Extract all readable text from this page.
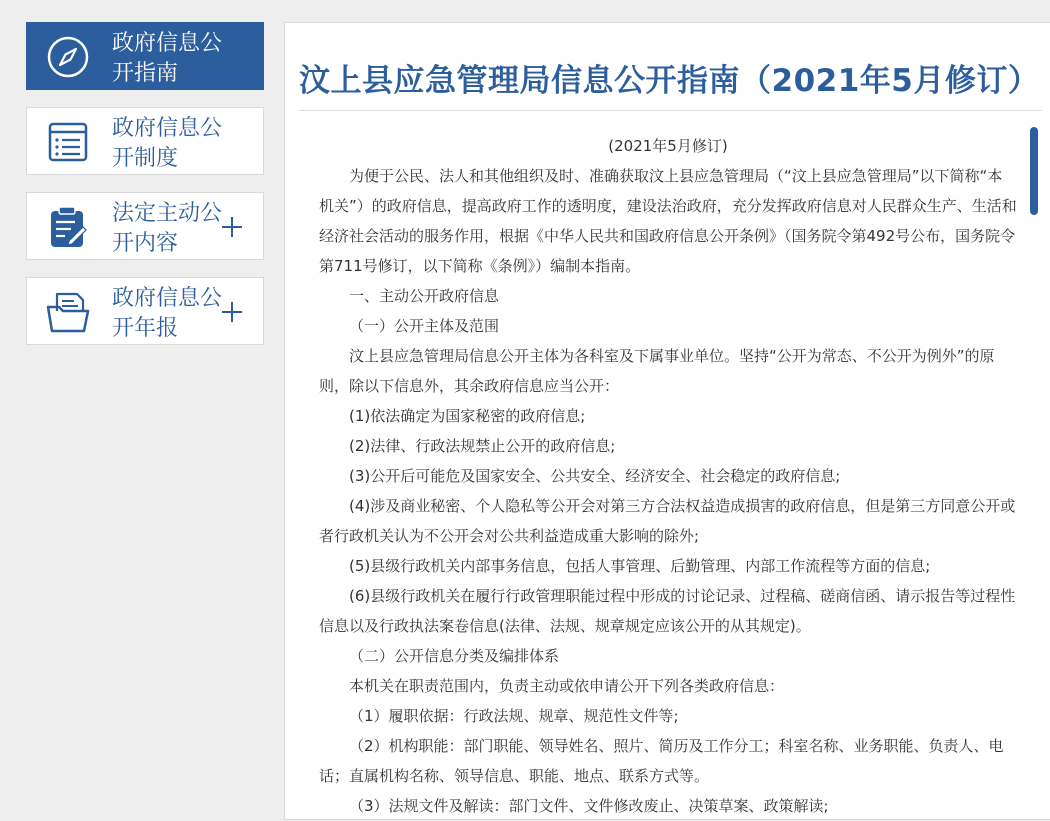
政府信息公开指南
政府信息公开制度
法定主动公开内容
政府信息公开年报
汶上县应急管理局信息公开指南（2021年5月修订）

(2021年5月修订)

为便于公民、法人和其他组织及时、准确获取汶上县应急管理局（“汶上县应急管理局”以下简称“本机关”）的政府信息，提高政府工作的透明度，建设法治政府，充分发挥政府信息对人民群众生产、生活和经济社会活动的服务作用，根据《中华人民共和国政府信息公开条例》（国务院令第492号公布，国务院令第711号修订，以下简称《条例》）编制本指南。

一、主动公开政府信息

（一）公开主体及范围

汶上县应急管理局信息公开主体为各科室及下属事业单位。坚持“公开为常态、不公开为例外”的原则，除以下信息外，其余政府信息应当公开：

(1)依法确定为国家秘密的政府信息;

(2)法律、行政法规禁止公开的政府信息;

(3)公开后可能危及国家安全、公共安全、经济安全、社会稳定的政府信息;

(4)涉及商业秘密、个人隐私等公开会对第三方合法权益造成损害的政府信息，但是第三方同意公开或者行政机关认为不公开会对公共利益造成重大影响的除外;

(5)县级行政机关内部事务信息，包括人事管理、后勤管理、内部工作流程等方面的信息;

(6)县级行政机关在履行行政管理职能过程中形成的讨论记录、过程稿、磋商信函、请示报告等过程性信息以及行政执法案卷信息(法律、法规、规章规定应该公开的从其规定)。

（二）公开信息分类及编排体系

本机关在职责范围内，负责主动或依申请公开下列各类政府信息：

（1）履职依据：行政法规、规章、规范性文件等;

（2）机构职能：部门职能、领导姓名、照片、简历及工作分工；科室名称、业务职能、负责人、电话；直属机构名称、领导信息、职能、地点、联系方式等。

（3）法规文件及解读：部门文件、文件修改废止、决策草案、政策解读;
